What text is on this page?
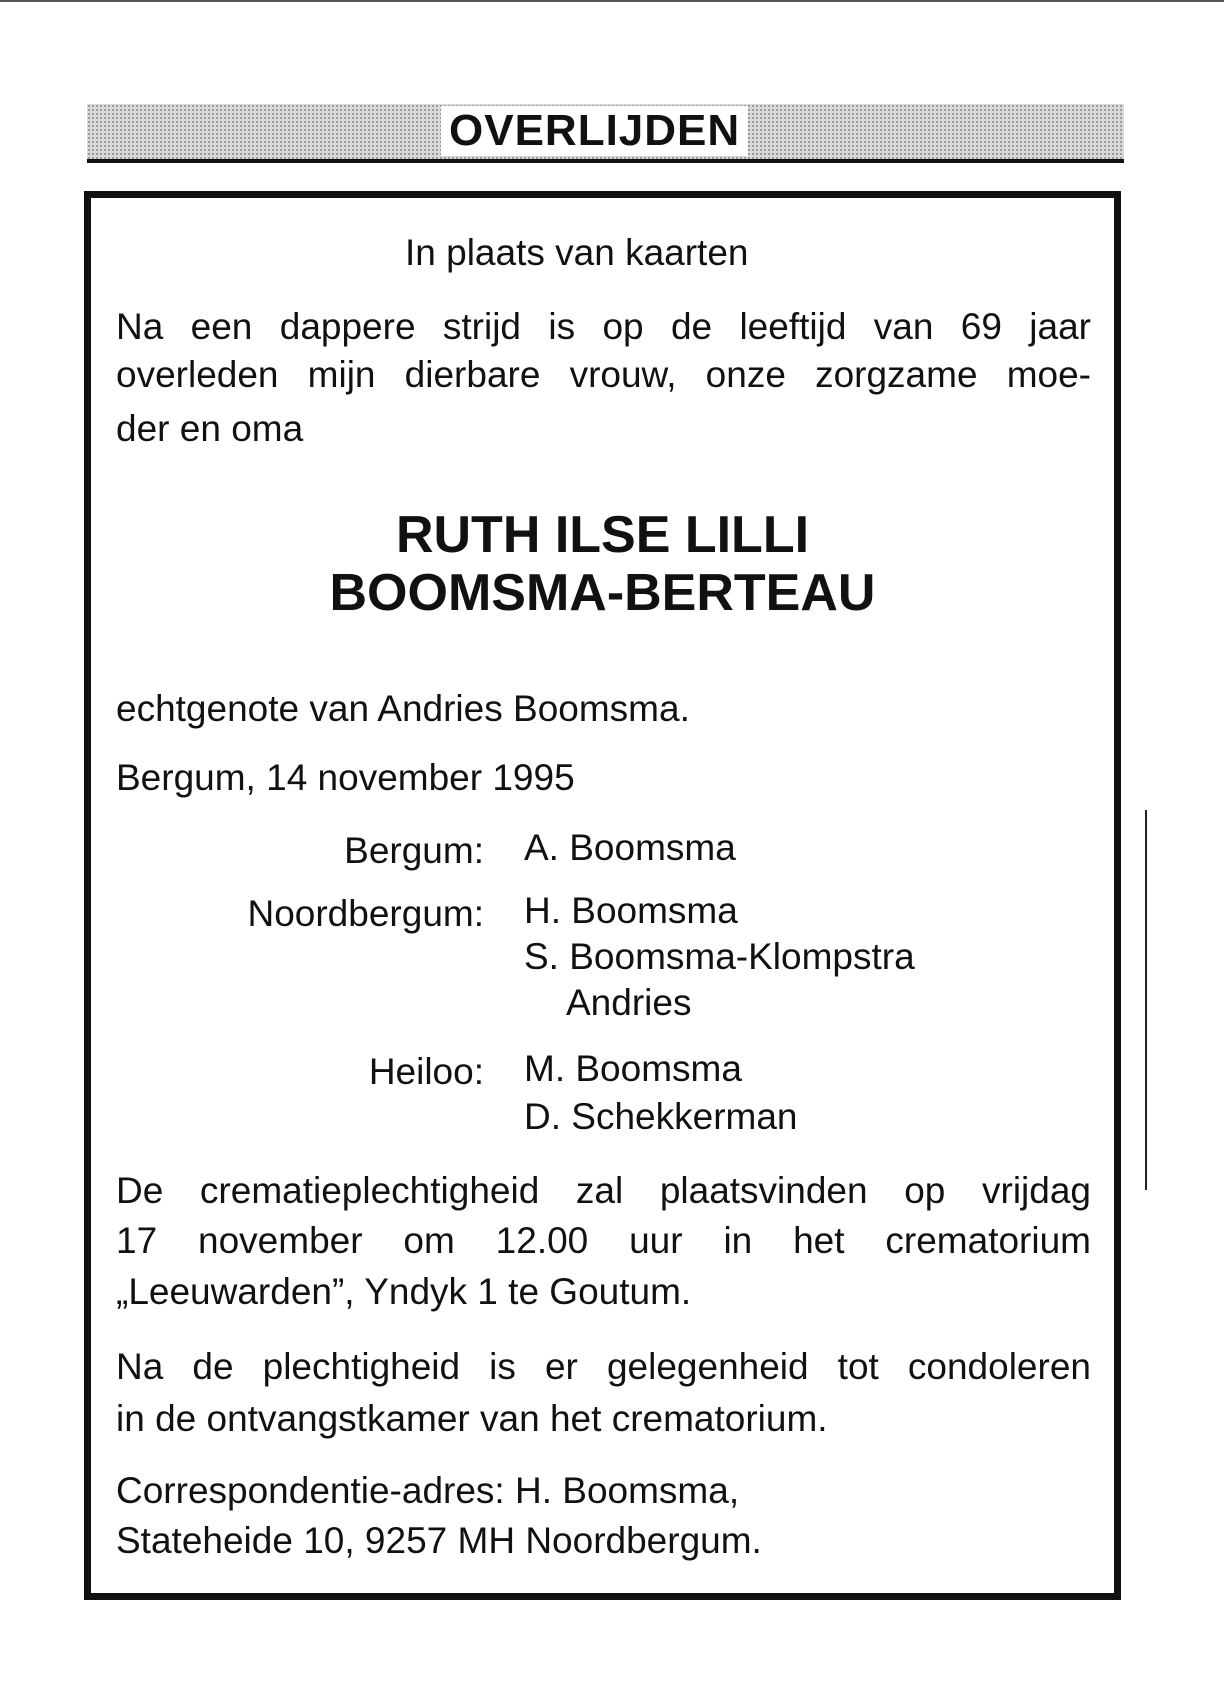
OVERLIJDEN
In plaats van kaarten
Na een dappere strijd is op de leeftijd van 69 jaar
overleden mijn dierbare vrouw, onze zorgzame moe-
der en oma
RUTH ILSE LILLI
BOOMSMA-BERTEAU
echtgenote van Andries Boomsma.
Bergum, 14 november 1995
Bergum: A. Boomsma
Noordbergum: H. Boomsma
S. Boomsma-Klompstra
Andries
Heiloo: M. Boomsma
D. Schekkerman
De crematieplechtigheid zal plaatsvinden op vrijdag
17 november om 12.00 uur in het crematorium
„Leeuwarden”, Yndyk 1 te Goutum.
Na de plechtigheid is er gelegenheid tot condoleren
in de ontvangstkamer van het crematorium.
Correspondentie-adres: H. Boomsma,
Stateheide 10, 9257 MH Noordbergum.
